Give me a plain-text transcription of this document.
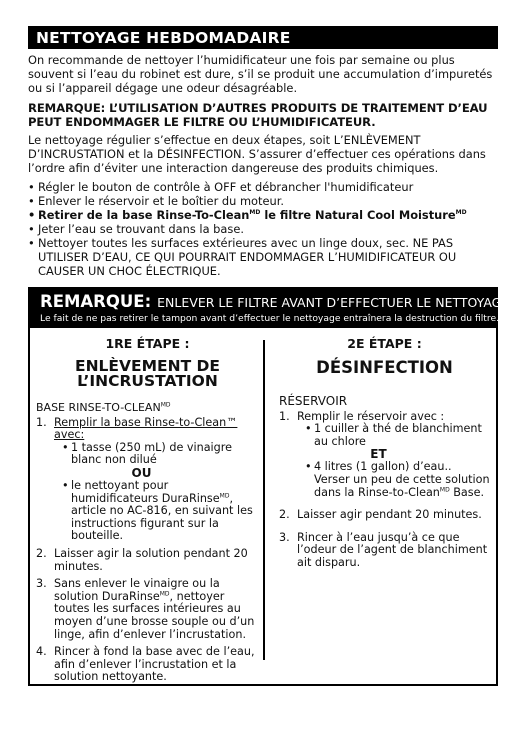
NETTOYAGE HEBDOMADAIRE

On recommande de nettoyer l’humidificateur une fois par semaine ou plus souvent si l’eau du robinet est dure, s’il se produit une accumulation d’impuretés ou si l’appareil dégage une odeur désagréable.

REMARQUE: L’UTILISATION D’AUTRES PRODUITS DE TRAITEMENT D’EAU PEUT ENDOMMAGER LE FILTRE OU L’HUMIDIFICATEUR.

Le nettoyage régulier s’effectue en deux étapes, soit L’ENLÈVEMENT D’INCRUSTATION et la DÉSINFECTION. S’assurer d’effectuer ces opérations dans l’ordre afin d’éviter une interaction dangereuse des produits chimiques.

• Régler le bouton de contrôle à OFF et débrancher l'humidificateur
• Enlever le réservoir et le boîtier du moteur.
• Retirer de la base Rinse-To-Clean$^{MD}$ le filtre Natural Cool Moisture$^{MD}$
• Jeter l’eau se trouvant dans la base.
• Nettoyer toutes les surfaces extérieures avec un linge doux, sec. NE PAS UTILISER D’EAU, CE QUI POURRAIT ENDOMMAGER L’HUMIDIFICATEUR OU CAUSER UN CHOC ÉLECTRIQUE.
REMARQUE: ENLEVER LE FILTRE AVANT D’EFFECTUER LE NETTOYAGE.
Le fait de ne pas retirer le tampon avant d’effectuer le nettoyage entraînera la destruction du filtre.
1RE ÉTAPE :
ENLÈVEMENT DE
L’INCRUSTATION
BASE RINSE-$TO-CLEAN^{MD}$
1. Remplir la base Rinse-to-Clean™ avec:
• 1 tasse (250 mL) de vinaigre blanc non dilué
OU
• le nettoyant pour humidificateurs DuraRinse$^{MD}$, article no AC-816, en suivant les instructions figurant sur la bouteille.
2. Laisser agir la solution pendant 20 minutes.
3. Sans enlever le vinaigre ou la solution DuraRinse$^{MD}$, nettoyer toutes les surfaces intérieures au moyen d’une brosse souple ou d’un linge, afin d’enlever l’incrustation.
4. Rincer à fond la base avec de l’eau, afin d’enlever l’incrustation et la solution nettoyante.
2E ÉTAPE :
DÉSINFECTION
RÉSERVOIR
1. Remplir le réservoir avec :
• 1 cuiller à thé de blanchiment au chlore
ET
• 4 litres (1 gallon) d’eau.. Verser un peu de cette solution dans la Rinse-to-Clean$^{MD}$ Base.
2. Laisser agir pendant 20 minutes.
3. Rincer à l’eau jusqu’à ce que l’odeur de l’agent de blanchiment ait disparu.
